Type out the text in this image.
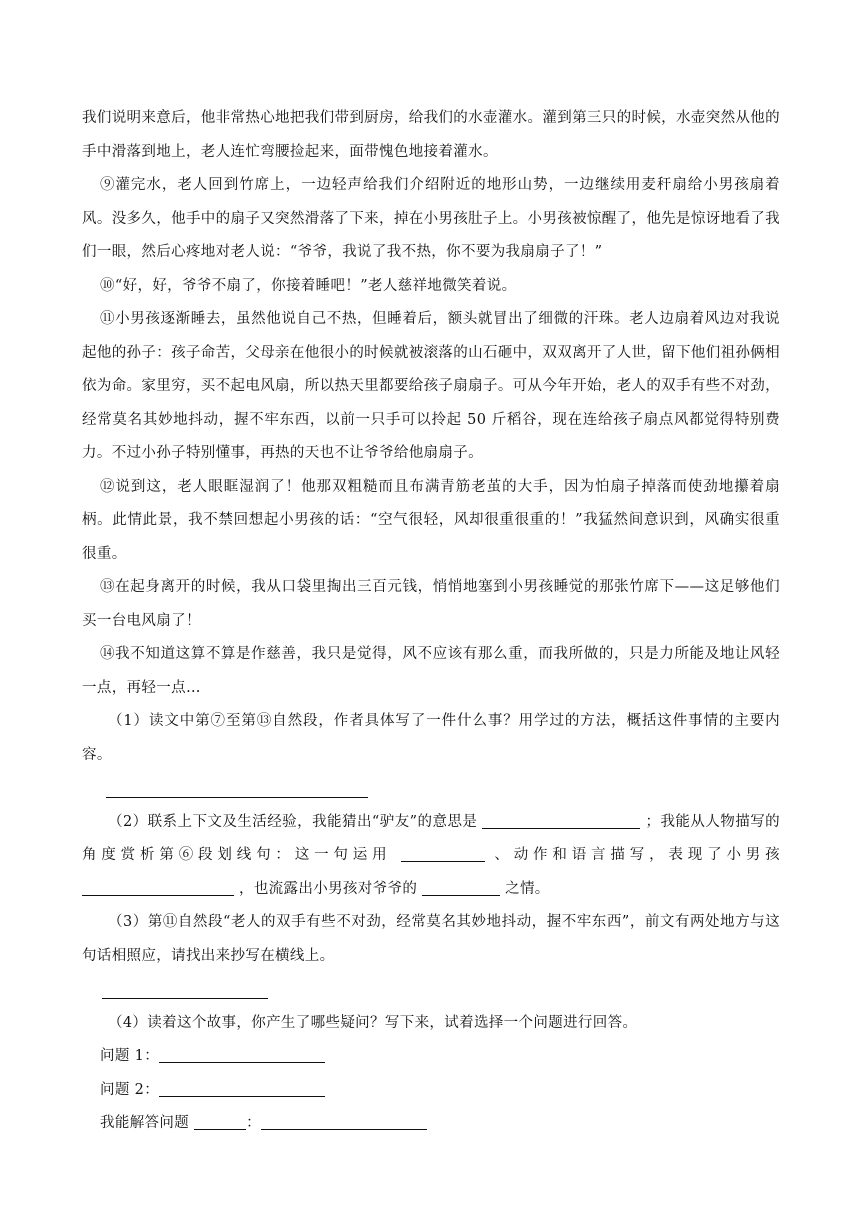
我们说明来意后，他非常热心地把我们带到厨房，给我们的水壶灌水。灌到第三只的时候，水壶突然从他的手中滑落到地上，老人连忙弯腰捡起来，面带愧色地接着灌水。

⑨灌完水，老人回到竹席上，一边轻声给我们介绍附近的地形山势，一边继续用麦秆扇给小男孩扇着风。没多久，他手中的扇子又突然滑落了下来，掉在小男孩肚子上。小男孩被惊醒了，他先是惊讶地看了我们一眼，然后心疼地对老人说：“爷爷，我说了我不热，你不要为我扇扇子了！”

⑩“好，好，爷爷不扇了，你接着睡吧！”老人慈祥地微笑着说。

⑪小男孩逐渐睡去，虽然他说自己不热，但睡着后，额头就冒出了细微的汗珠。老人边扇着风边对我说起他的孙子：孩子命苦，父母亲在他很小的时候就被滚落的山石砸中，双双离开了人世，留下他们祖孙俩相依为命。家里穷，买不起电风扇，所以热天里都要给孩子扇扇子。可从今年开始，老人的双手有些不对劲，经常莫名其妙地抖动，握不牢东西，以前一只手可以拎起 50 斤稻谷，现在连给孩子扇点风都觉得特别费力。不过小孙子特别懂事，再热的天也不让爷爷给他扇扇子。

⑫说到这，老人眼眶湿润了！他那双粗糙而且布满青筋老茧的大手，因为怕扇子掉落而使劲地攥着扇柄。此情此景，我不禁回想起小男孩的话：“空气很轻，风却很重很重的！”我猛然间意识到，风确实很重很重。

⑬在起身离开的时候，我从口袋里掏出三百元钱，悄悄地塞到小男孩睡觉的那张竹席下——这足够他们买一台电风扇了！

⑭我不知道这算不算是作慈善，我只是觉得，风不应该有那么重，而我所做的，只是力所能及地让风轻一点，再轻一点…

（1）读文中第⑦至第⑬自然段，作者具体写了一件什么事？用学过的方法，概括这件事情的主要内容。

（2）联系上下文及生活经验，我能猜出“驴友”的意思是	；我能从人物描写的角度赏析第⑥段划线句：这一句运用	、动作和语言描写，表现了小男孩  ，也流露出小男孩对爷爷的	之情。

（3）第⑪自然段“老人的双手有些不对劲，经常莫名其妙地抖动，握不牢东西”，前文有两处地方与这句话相照应，请找出来抄写在横线上。

（4）读着这个故事，你产生了哪些疑问？写下来，试着选择一个问题进行回答。

问题 1：

问题 2：

我能解答问题	：
